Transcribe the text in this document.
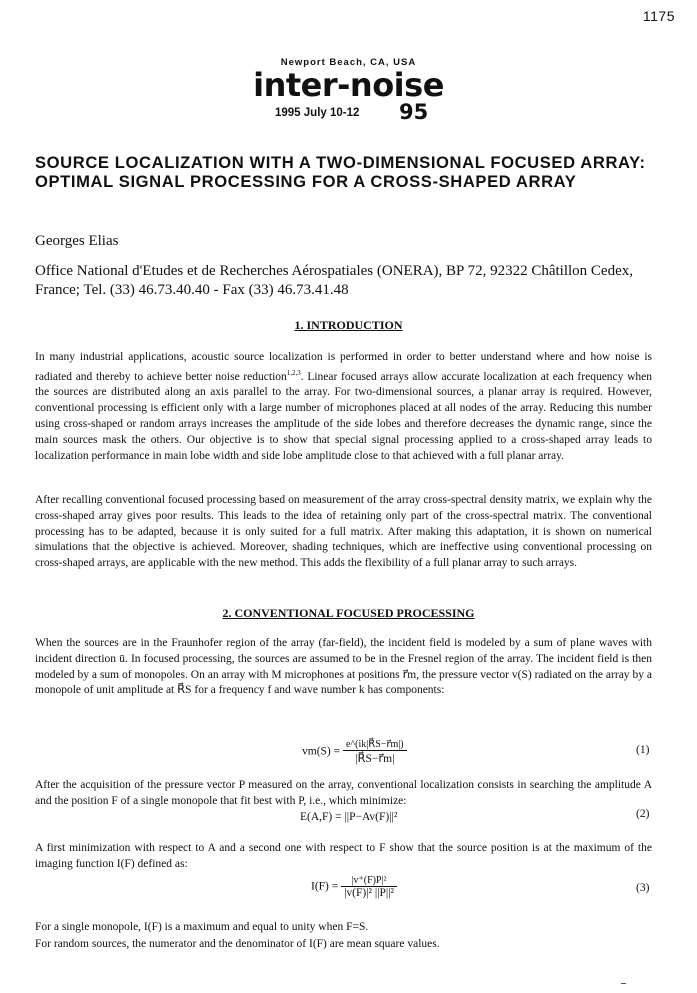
1175
Newport Beach, CA, USA
inter-noise
1995 July 10-12 95
SOURCE LOCALIZATION WITH A TWO-DIMENSIONAL FOCUSED ARRAY: OPTIMAL SIGNAL PROCESSING FOR A CROSS-SHAPED ARRAY
Georges Elias

Office National d'Etudes et de Recherches Aérospatiales (ONERA), BP 72, 92322 Châtillon Cedex, France; Tel. (33) 46.73.40.40 - Fax (33) 46.73.41.48

1. INTRODUCTION

In many industrial applications, acoustic source localization is performed in order to better understand where and how noise is radiated and thereby to achieve better noise reduction$^{1,2,3}$. Linear focused arrays allow accurate localization at each frequency when the sources are distributed along an axis parallel to the array. For two-dimensional sources, a planar array is required. However, conventional processing is efficient only with a large number of microphones placed at all nodes of the array. Reducing this number using cross-shaped or random arrays increases the amplitude of the side lobes and therefore decreases the dynamic range, since the main sources mask the others. Our objective is to show that special signal processing applied to a cross-shaped array leads to localization performance in main lobe width and side lobe amplitude close to that achieved with a full planar array.

After recalling conventional focused processing based on measurement of the array cross-spectral density matrix, we explain why the cross-shaped array gives poor results. This leads to the idea of retaining only part of the cross-spectral matrix. The conventional processing has to be adapted, because it is only suited for a full matrix. After making this adaptation, it is shown on numerical simulations that the objective is achieved. Moreover, shading techniques, which are ineffective using conventional processing on cross-shaped arrays, are applicable with the new method. This adds the flexibility of a full planar array to such arrays.

2. CONVENTIONAL FOCUSED PROCESSING

When the sources are in the Fraunhofer region of the array (far-field), the incident field is modeled by a sum of plane waves with incident direction ū. In focused processing, the sources are assumed to be in the Fresnel region of the array. The incident field is then modeled by a sum of monopoles. On an array with M microphones at positions r⃗m, the pressure vector v(S) radiated on the array by a monopole of unit amplitude at R⃗S for a frequency f and wave number k has components:

$vm(S) = \frac{e\^{}(ik|R⃗S-r⃗m|)}{|R⃗S-r⃗m|}$	(1)

After the acquisition of the pressure vector P measured on the array, conventional localization consists in searching the amplitude A and the position F of a single monopole that fit best with P, i.e., which minimize:

E(A,F) = ||P−Av(F)||²	(2)

A first minimization with respect to A and a second one with respect to F show that the source position is at the maximum of the imaging function I(F) defined as:

$I(F) = \frac{\text{|v⁺(F)P|²}}{\text{|v(F)|² ||P||²}}$	(3)

For a single monopole, I(F) is a maximum and equal to unity when F=S.

For random sources, the numerator and the denominator of I(F) are mean square values.
